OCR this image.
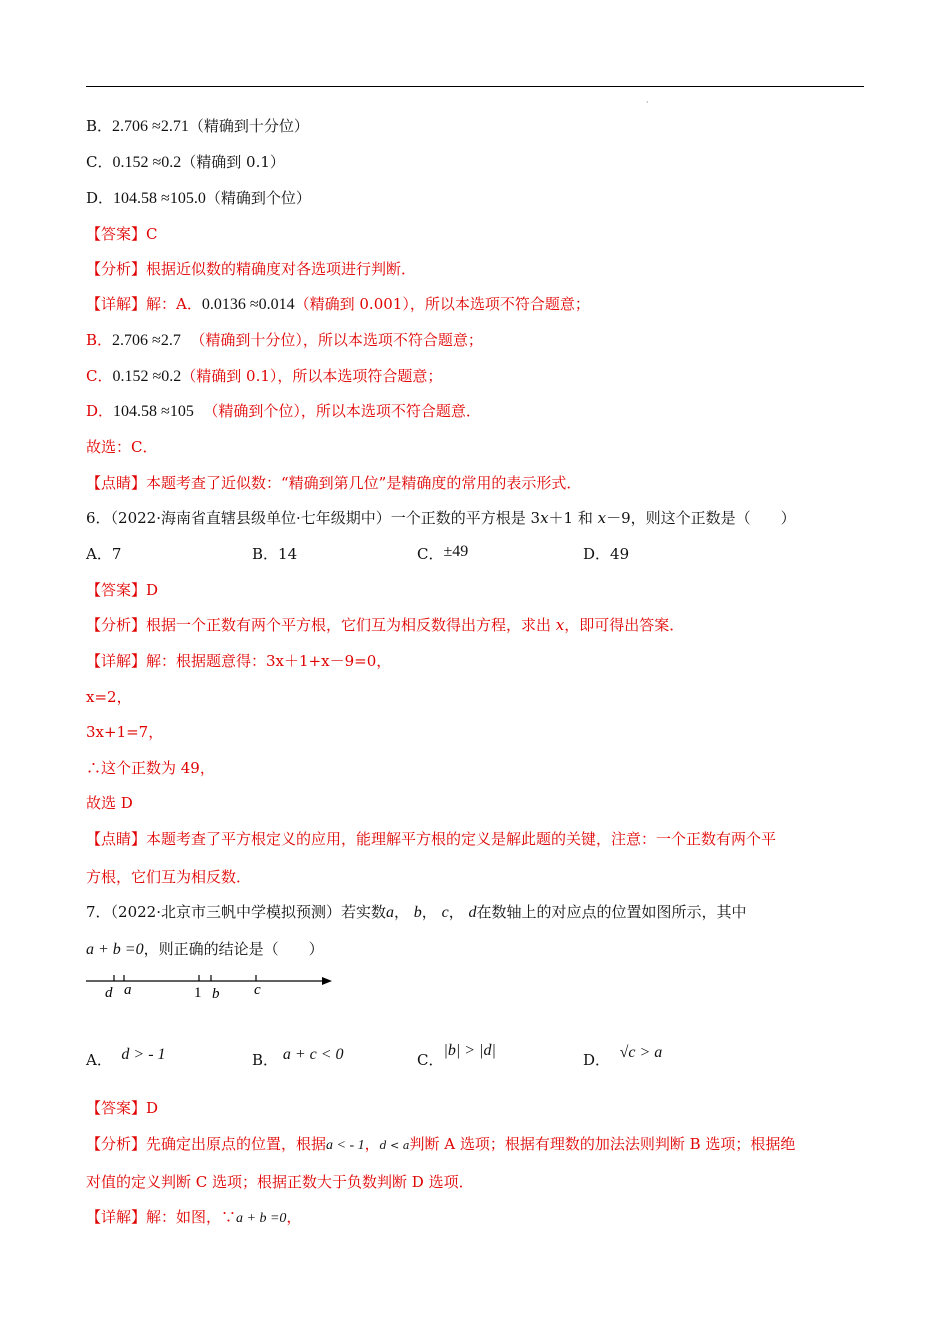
·
B．2.706 ≈2.71（精确到十分位）
C．0.152 ≈0.2（精确到 0.1）
D．104.58 ≈105.0（精确到个位）
【答案】C
【分析】根据近似数的精确度对各选项进行判断．
【详解】解：A．0.0136 ≈0.014（精确到 0.001），所以本选项不符合题意；
B．2.706 ≈2.7 （精确到十分位），所以本选项不符合题意；
C．0.152 ≈0.2（精确到 0.1），所以本选项符合题意；
D．104.58 ≈105 （精确到个位），所以本选项不符合题意．
故选：C．
【点睛】本题考查了近似数：“精确到第几位”是精确度的常用的表示形式．
6．（2022·海南省直辖县级单位·七年级期中）一个正数的平方根是 3x＋1 和 x－9，则这个正数是（　　）
A．7	B．14	C．±49	D．49
【答案】D
【分析】根据一个正数有两个平方根，它们互为相反数得出方程，求出 x，即可得出答案．
【详解】解：根据题意得：3x＋1+x－9=0，
x=2，
3x+1=7，
∴这个正数为 49，
故选 D
【点睛】本题考查了平方根定义的应用，能理解平方根的定义是解此题的关键，注意：一个正数有两个平
方根，它们互为相反数．
7．（2022·北京市三帆中学模拟预测）若实数a， b， c， d在数轴上的对应点的位置如图所示，其中
a + b =0，则正确的结论是（　　）
d a	1 b c
A． d > - 1	B． a + c < 0	C．|b| > |d|
D． √c > a
【答案】D
【分析】先确定出原点的位置，根据a < - 1，d < a判断 A 选项；根据有理数的加法法则判断 B 选项；根据绝
对值的定义判断 C 选项；根据正数大于负数判断 D 选项．
【详解】解：如图，∵a + b =0，
